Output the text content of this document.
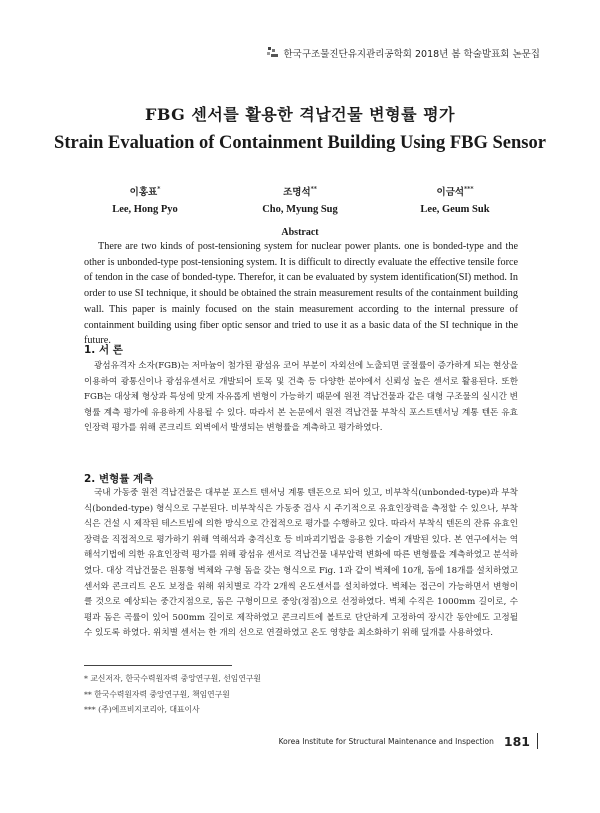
한국구조물진단유지관리공학회 2018년 봄 학술발표회 논문집
FBG 센서를 활용한 격납건물 변형률 평가
Strain Evaluation of Containment Building Using FBG Sensor
이홍표*
Lee, Hong Pyo
조명석**
Cho, Myung Sug
이금석***
Lee, Geum Suk
Abstract

There are two kinds of post-tensioning system for nuclear power plants. one is bonded-type and the other is unbonded-type post-tensioning system. It is difficult to directly evaluate the effective tensile force of tendon in the case of bonded-type. Therefor, it can be evaluated by system identification(SI) method. In order to use SI technique, it should be obtained the strain measurement results of the containment building wall. This paper is mainly focused on the stain measurement according to the internal pressure of containment building using fiber optic sensor and tried to use it as a basic data of the SI technique in the future.

1. 서 론

광섬유격자 소자(FGB)는 저마늄이 첨가된 광섬유 코어 부분이 자외선에 노출되면 굴절률이 증가하게 되는 현상을 이용하여 광통신이나 광섬유센서로 개발되어 토목 및 건축 등 다양한 분야에서 신뢰성 높은 센서로 활용된다. 또한 FGB는 대상체 형상과 특성에 맞게 자유롭게 변형이 가능하기 때문에 원전 격납건물과 같은 대형 구조물의 실시간 변형률 계측 평가에 유용하게 사용될 수 있다. 따라서 본 논문에서 원전 격납건물 부착식 포스트텐서닝 계통 텐돈 유효인장력 평가를 위해 콘크리트 외벽에서 발생되는 변형률을 계측하고 평가하였다.

2. 변형률 계측

국내 가동중 원전 격납건물은 대부분 포스트 텐셔닝 계통 텐돈으로 되어 있고, 비부착식(unbonded-type)과 부착식(bonded-type) 형식으로 구분된다. 비부착식은 가동중 검사 시 주기적으로 유효인장력을 측정할 수 있으나, 부착식은 건설 시 제작된 테스트빔에 의한 방식으로 간접적으로 평가를 수행하고 있다. 따라서 부착식 텐돈의 잔류 유효인장력을 직접적으로 평가하기 위해 역해석과 충격신호 등 비파괴기법을 응용한 기술이 개발된 있다. 본 연구에서는 역해석기법에 의한 유효인장력 평가를 위해 광섬유 센서로 격납건물 내부압력 변화에 따른 변형률을 계측하였고 분석하였다. 대상 격납건물은 원통형 벽체와 구형 돔을 갖는 형식으로 Fig. 1과 같이 벽체에 10개, 돔에 18개를 설치하였고 센서와 콘크리트 온도 보정을 위해 위치별로 각각 2개씩 온도센서를 설치하였다. 벽체는 접근이 가능하면서 변형이 클 것으로 예상되는 중간지점으로, 돔은 구형이므로 중앙(정점)으로 선정하였다. 벽체 수직은 1000mm 길이로, 수평과 돔은 곡률이 있어 500mm 길이로 제작하였고 콘크리트에 볼트로 단단하게 고정하여 장시간 동안에도 고정될 수 있도록 하였다. 위치별 센서는 한 개의 선으로 연결하였고 온도 영향을 최소화하기 위해 덮개를 사용하였다.

* 교신저자, 한국수력원자력 중앙연구원, 선임연구원
** 한국수력원자력 중앙연구원, 책임연구원
*** (주)에프비지코리아, 대표이사
Korea Institute for Structural Maintenance and Inspection 181
